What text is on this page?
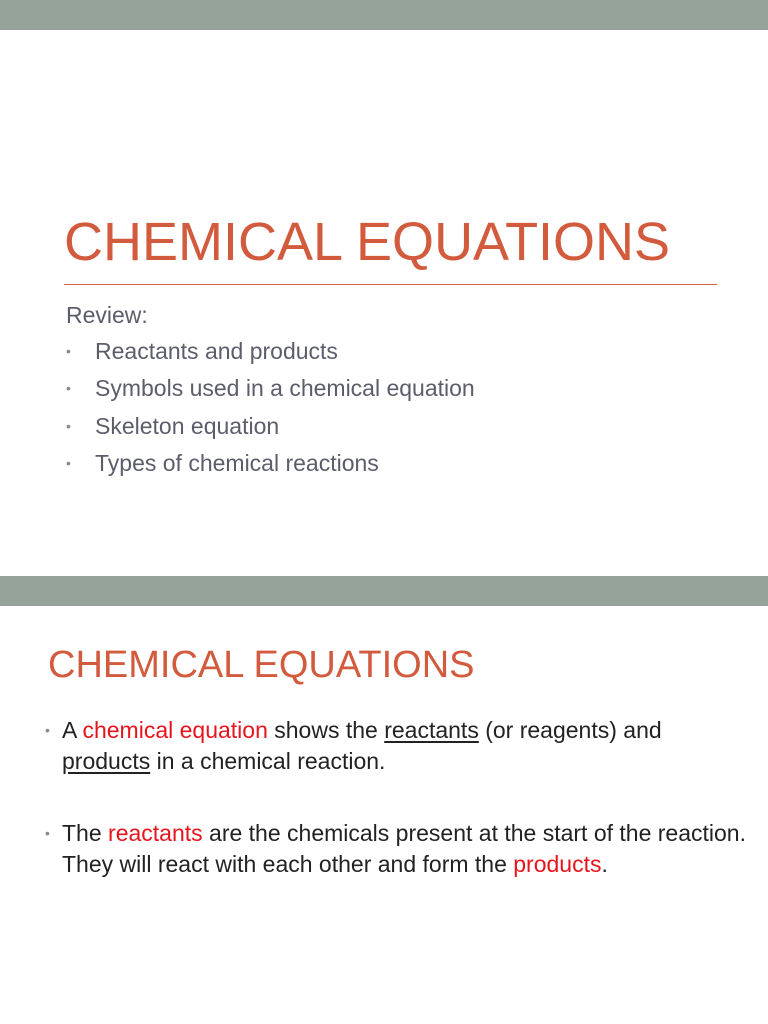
CHEMICAL EQUATIONS

Review:

• Reactants and products
• Symbols used in a chemical equation
• Skeleton equation
• Types of chemical reactions
CHEMICAL EQUATIONS

• A chemical equation shows the reactants (or reagents) and products in a chemical reaction.

• The reactants are the chemicals present at the start of the reaction. They will react with each other and form the products.
